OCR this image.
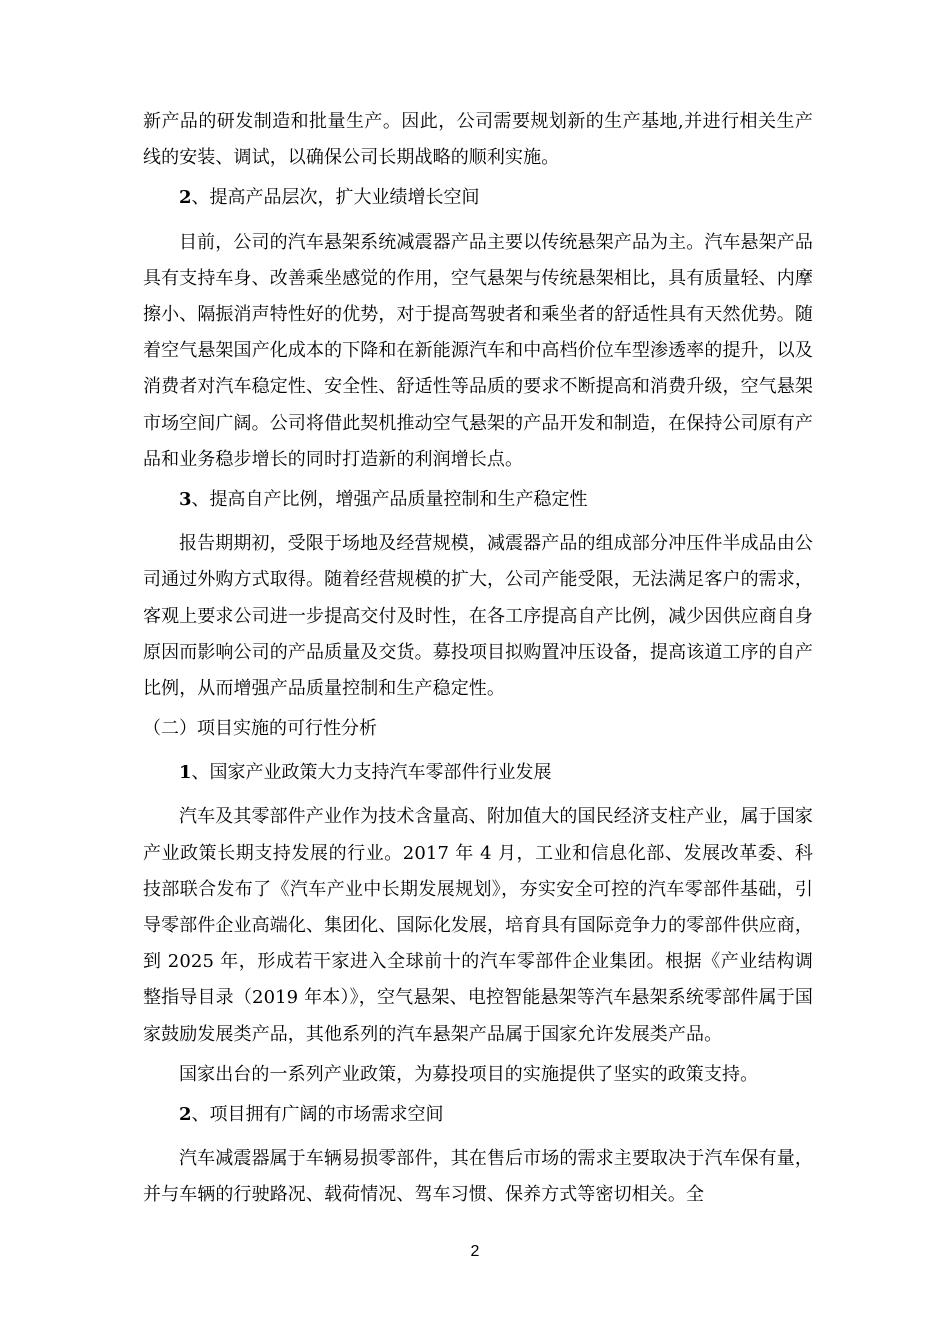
新产品的研发制造和批量生产。因此，公司需要规划新的生产基地,并进行相关生产线的安装、调试，以确保公司长期战略的顺利实施。

2、提高产品层次，扩大业绩增长空间

目前，公司的汽车悬架系统减震器产品主要以传统悬架产品为主。汽车悬架产品具有支持车身、改善乘坐感觉的作用，空气悬架与传统悬架相比，具有质量轻、内摩擦小、隔振消声特性好的优势，对于提高驾驶者和乘坐者的舒适性具有天然优势。随着空气悬架国产化成本的下降和在新能源汽车和中高档价位车型渗透率的提升，以及消费者对汽车稳定性、安全性、舒适性等品质的要求不断提高和消费升级，空气悬架市场空间广阔。公司将借此契机推动空气悬架的产品开发和制造，在保持公司原有产品和业务稳步增长的同时打造新的利润增长点。

3、提高自产比例，增强产品质量控制和生产稳定性

报告期期初，受限于场地及经营规模，减震器产品的组成部分冲压件半成品由公司通过外购方式取得。随着经营规模的扩大，公司产能受限，无法满足客户的需求，客观上要求公司进一步提高交付及时性，在各工序提高自产比例，减少因供应商自身原因而影响公司的产品质量及交货。募投项目拟购置冲压设备，提高该道工序的自产比例，从而增强产品质量控制和生产稳定性。

（二）项目实施的可行性分析

1、国家产业政策大力支持汽车零部件行业发展

汽车及其零部件产业作为技术含量高、附加值大的国民经济支柱产业，属于国家产业政策长期支持发展的行业。2017 年 4 月，工业和信息化部、发展改革委、科技部联合发布了《汽车产业中长期发展规划》，夯实安全可控的汽车零部件基础，引导零部件企业高端化、集团化、国际化发展，培育具有国际竞争力的零部件供应商，到 2025 年，形成若干家进入全球前十的汽车零部件企业集团。根据《产业结构调整指导目录（2019 年本）》，空气悬架、电控智能悬架等汽车悬架系统零部件属于国家鼓励发展类产品，其他系列的汽车悬架产品属于国家允许发展类产品。

国家出台的一系列产业政策，为募投项目的实施提供了坚实的政策支持。

2、项目拥有广阔的市场需求空间

汽车减震器属于车辆易损零部件，其在售后市场的需求主要取决于汽车保有量，并与车辆的行驶路况、载荷情况、驾车习惯、保养方式等密切相关。全

2
